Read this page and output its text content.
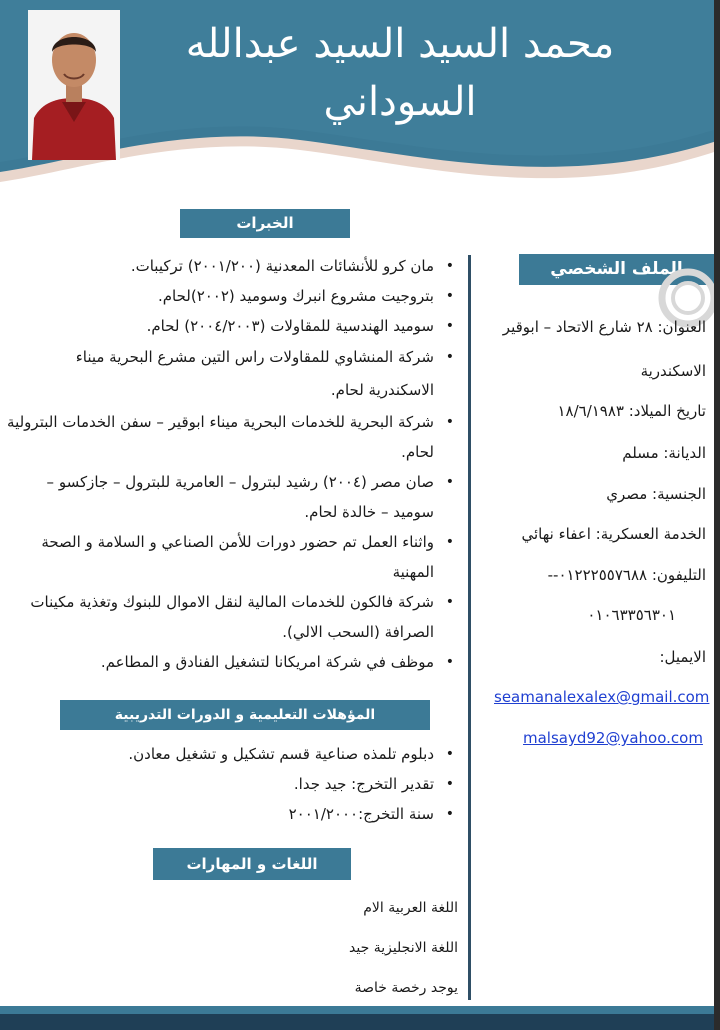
محمد السيد السيد عبدالله
السوداني
الخبرات
الملف الشخصي
•
مان كرو للأنشائات المعدنية (٢٠٠١/٢٠٠) تركيبات.
•
بتروجيت مشروع انبرك وسوميد (٢٠٠٢)لحام.
•
سوميد الهندسية للمقاولات (٢٠٠٤/٢٠٠٣) لحام.
•
شركة المنشاوي للمقاولات راس التين مشرع البحرية ميناء الاسكندرية لحام.
•
شركة البحرية للخدمات البحرية ميناء ابوقير – سفن الخدمات البترولية لحام.
•
صان مصر (٢٠٠٤) رشيد لبترول – العامرية للبترول – جازكسو – سوميد – خالدة لحام.
•
واثناء العمل تم حضور دورات للأمن الصناعي و السلامة و الصحة المهنية
•
شركة فالكون للخدمات المالية لنقل الاموال للبنوك وتغذية مكينات الصرافة (السحب الالي).
•
موظف في شركة امريكانا لتشغيل الفنادق و المطاعم.
المؤهلات التعليمية و الدورات التدريبية
•
دبلوم تلمذه صناعية قسم تشكيل و تشغيل معادن.
•
تقدير التخرج: جيد جدا.
•
سنة التخرج:٢٠٠١/٢٠٠٠
اللغات و المهارات
اللغة العربية الام
اللغة الانجليزية جيد
يوجد رخصة خاصة
العنوان: ٢٨ شارع الاتحاد – ابوقير
الاسكندرية
تاريخ الميلاد: ١٨/٦/١٩٨٣
الديانة: مسلم
الجنسية: مصري
الخدمة العسكرية: اعفاء نهائي
التليفون: ٠١٢٢٢٥٥٧٦٨٨--
٠١٠٦٣٣٥٦٣٠١
الايميل:
seamanalexalex@gmail.com
malsayd92@yahoo.com
